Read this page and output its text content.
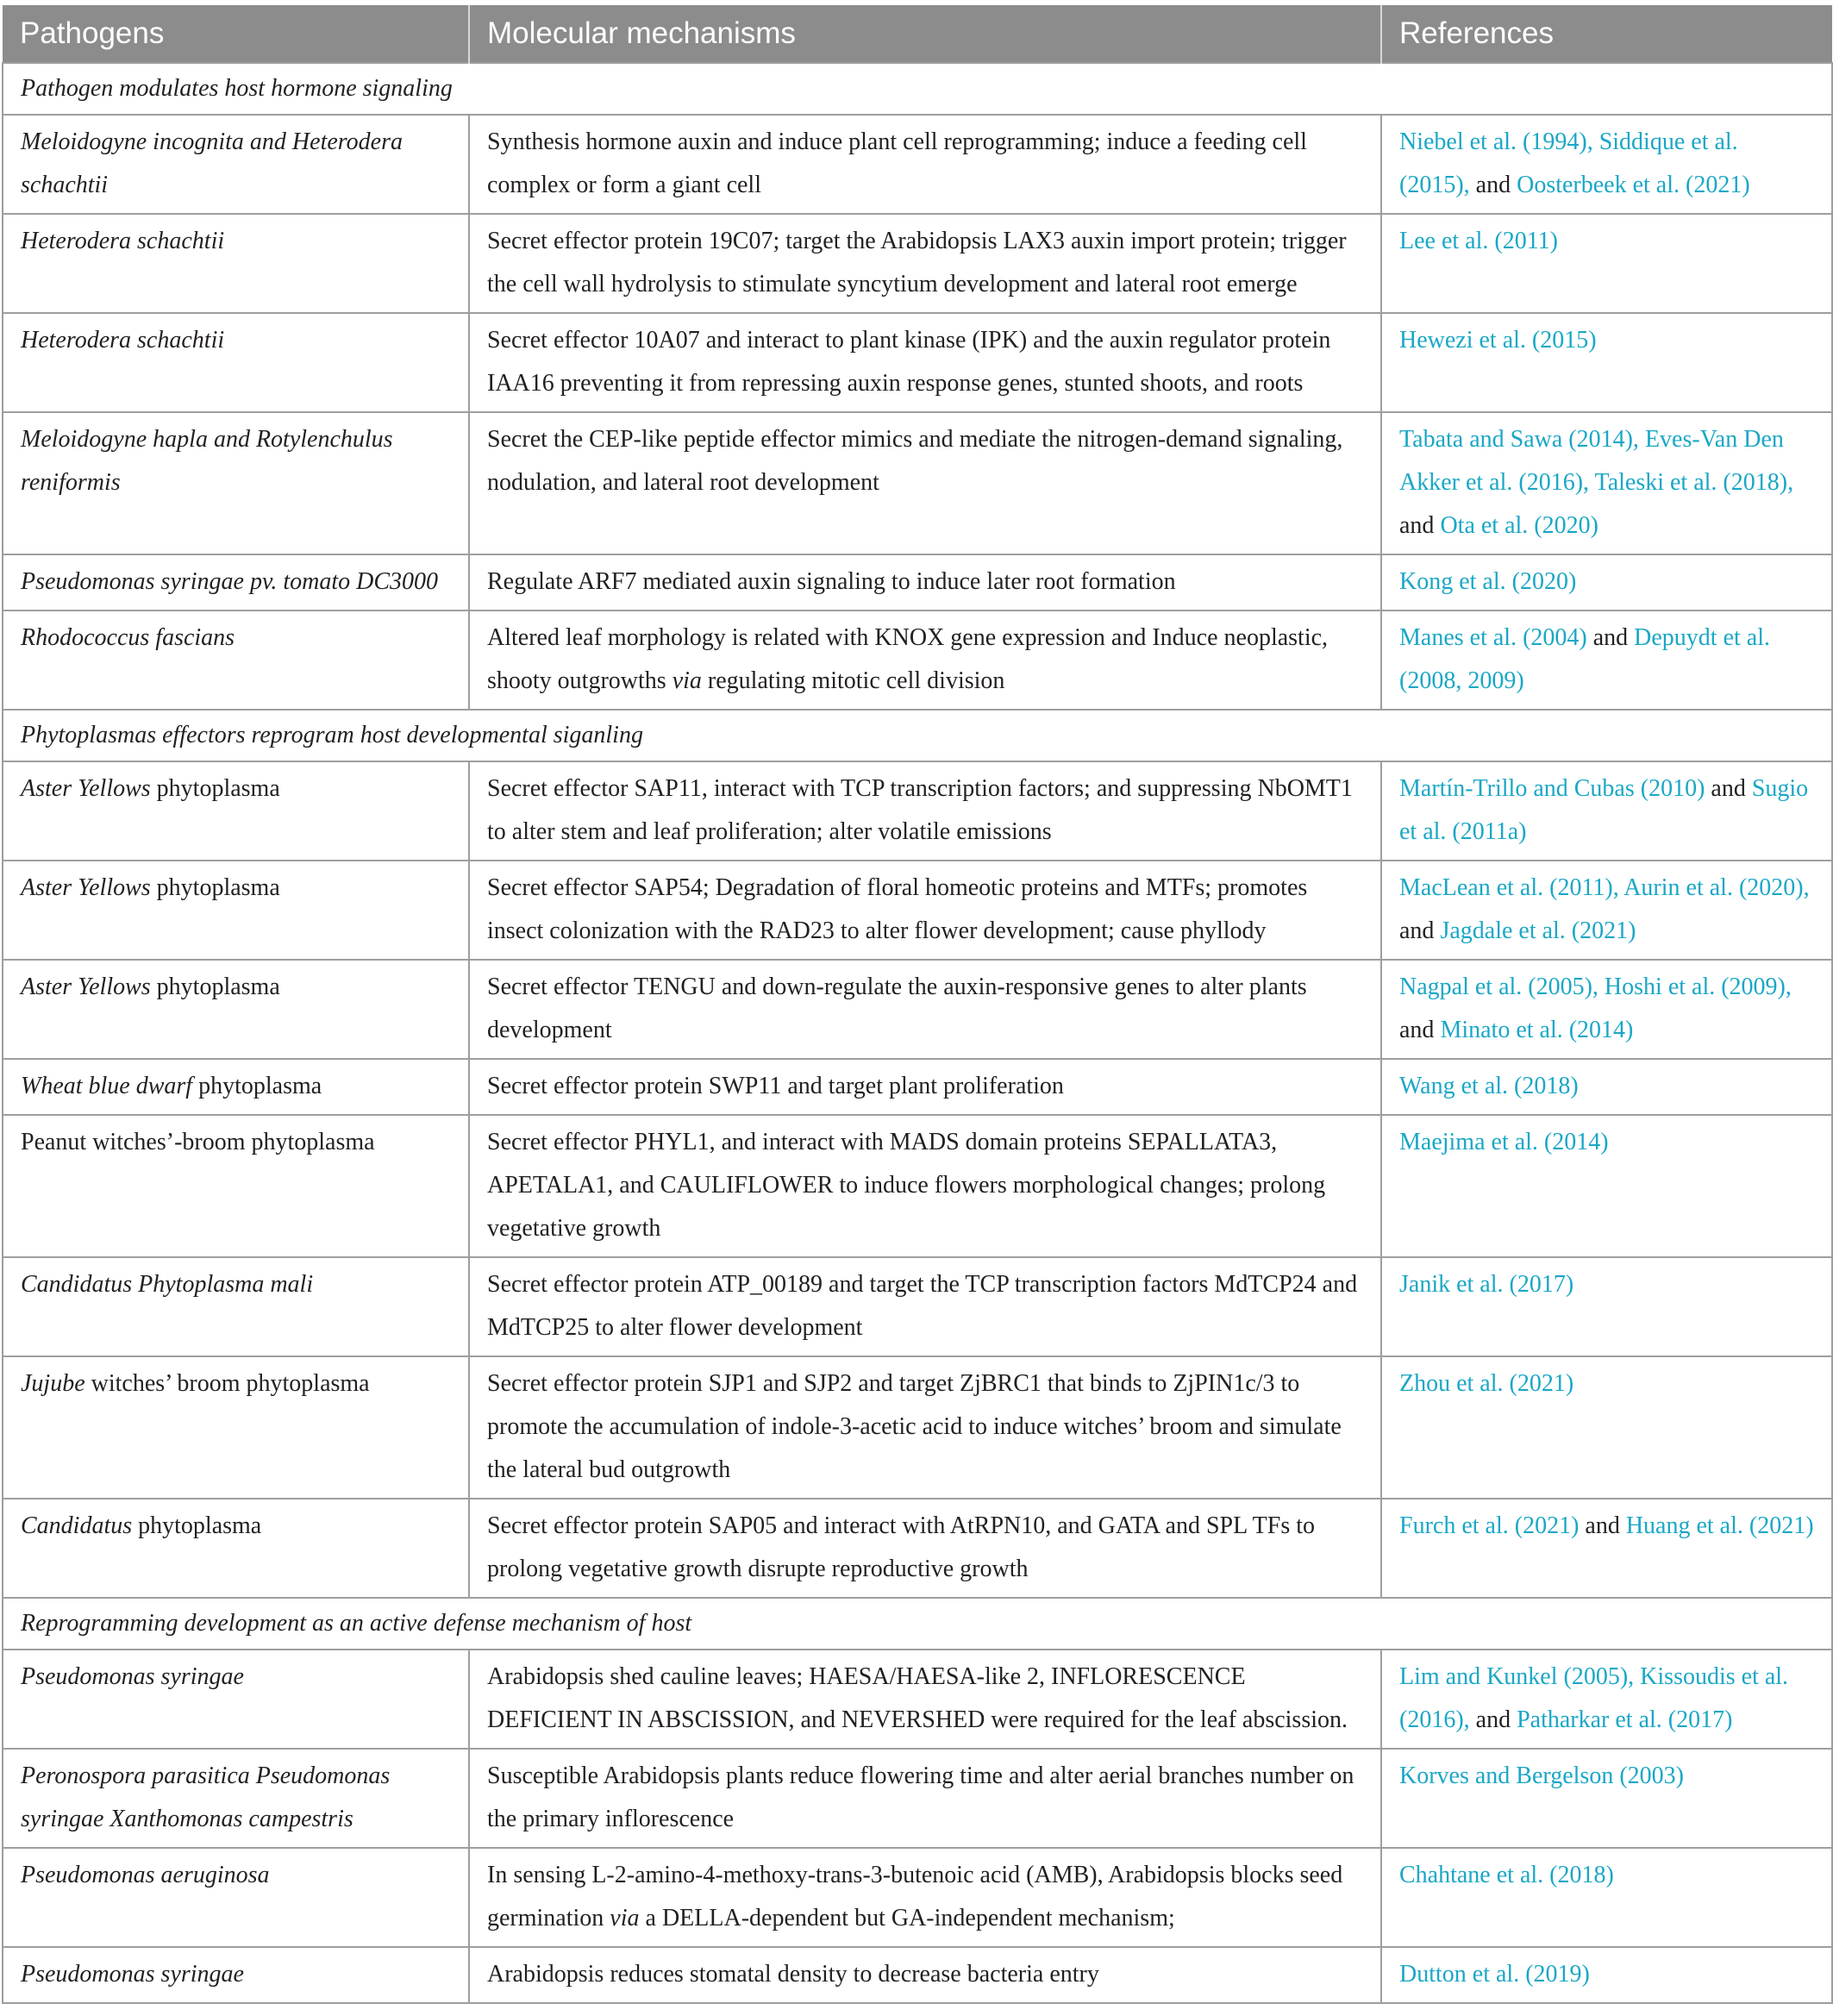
Pathogens	Molecular mechanisms	References
Pathogen modulates host hormone signaling		
Meloidogyne incognita and Heterodera schachtii	Synthesis hormone auxin and induce plant cell reprogramming; induce a feeding cell complex or form a giant cell	Niebel et al. (1994), Siddique et al. (2015), and Oosterbeek et al. (2021)
Heterodera schachtii	Secret effector protein 19C07; target the Arabidopsis LAX3 auxin import protein; trigger the cell wall hydrolysis to stimulate syncytium development and lateral root emerge	Lee et al. (2011)
Heterodera schachtii	Secret effector 10A07 and interact to plant kinase (IPK) and the auxin regulator protein IAA16 preventing it from repressing auxin response genes, stunted shoots, and roots	Hewezi et al. (2015)
Meloidogyne hapla and Rotylenchulus reniformis	Secret the CEP-like peptide effector mimics and mediate the nitrogen-demand signaling, nodulation, and lateral root development	Tabata and Sawa (2014), Eves-Van Den Akker et al. (2016), Taleski et al. (2018), and Ota et al. (2020)
Pseudomonas syringae pv. tomato DC3000	Regulate ARF7 mediated auxin signaling to induce later root formation	Kong et al. (2020)
Rhodococcus fascians	Altered leaf morphology is related with KNOX gene expression and Induce neoplastic, shooty outgrowths via regulating mitotic cell division	Manes et al. (2004) and Depuydt et al. (2008, 2009)
Phytoplasmas effectors reprogram host developmental siganling		
Aster Yellows phytoplasma	Secret effector SAP11, interact with TCP transcription factors; and suppressing NbOMT1 to alter stem and leaf proliferation; alter volatile emissions	Martín-Trillo and Cubas (2010) and Sugio et al. (2011a)
Aster Yellows phytoplasma	Secret effector SAP54; Degradation of floral homeotic proteins and MTFs; promotes insect colonization with the RAD23 to alter flower development; cause phyllody	MacLean et al. (2011), Aurin et al. (2020), and Jagdale et al. (2021)
Aster Yellows phytoplasma	Secret effector TENGU and down-regulate the auxin-responsive genes to alter plants development	Nagpal et al. (2005), Hoshi et al. (2009), and Minato et al. (2014)
Wheat blue dwarf phytoplasma	Secret effector protein SWP11 and target plant proliferation	Wang et al. (2018)
Peanut witches’-broom phytoplasma	Secret effector PHYL1, and interact with MADS domain proteins SEPALLATA3, APETALA1, and CAULIFLOWER to induce flowers morphological changes; prolong vegetative growth	Maejima et al. (2014)
Candidatus Phytoplasma mali	Secret effector protein ATP_00189 and target the TCP transcription factors MdTCP24 and MdTCP25 to alter flower development	Janik et al. (2017)
Jujube witches’ broom phytoplasma	Secret effector protein SJP1 and SJP2 and target ZjBRC1 that binds to ZjPIN1c/3 to promote the accumulation of indole-3-acetic acid to induce witches’ broom and simulate the lateral bud outgrowth	Zhou et al. (2021)
Candidatus phytoplasma	Secret effector protein SAP05 and interact with AtRPN10, and GATA and SPL TFs to prolong vegetative growth disrupte reproductive growth	Furch et al. (2021) and Huang et al. (2021)
Reprogramming development as an active defense mechanism of host		
Pseudomonas syringae	Arabidopsis shed cauline leaves; HAESA/HAESA-like 2, INFLORESCENCE DEFICIENT IN ABSCISSION, and NEVERSHED were required for the leaf abscission.	Lim and Kunkel (2005), Kissoudis et al. (2016), and Patharkar et al. (2017)
Peronospora parasitica Pseudomonas syringae Xanthomonas campestris	Susceptible Arabidopsis plants reduce flowering time and alter aerial branches number on the primary inflorescence	Korves and Bergelson (2003)
Pseudomonas aeruginosa	In sensing L-2-amino-4-methoxy-trans-3-butenoic acid (AMB), Arabidopsis blocks seed germination via a DELLA-dependent but GA-independent mechanism;	Chahtane et al. (2018)
Pseudomonas syringae	Arabidopsis reduces stomatal density to decrease bacteria entry	Dutton et al. (2019)
